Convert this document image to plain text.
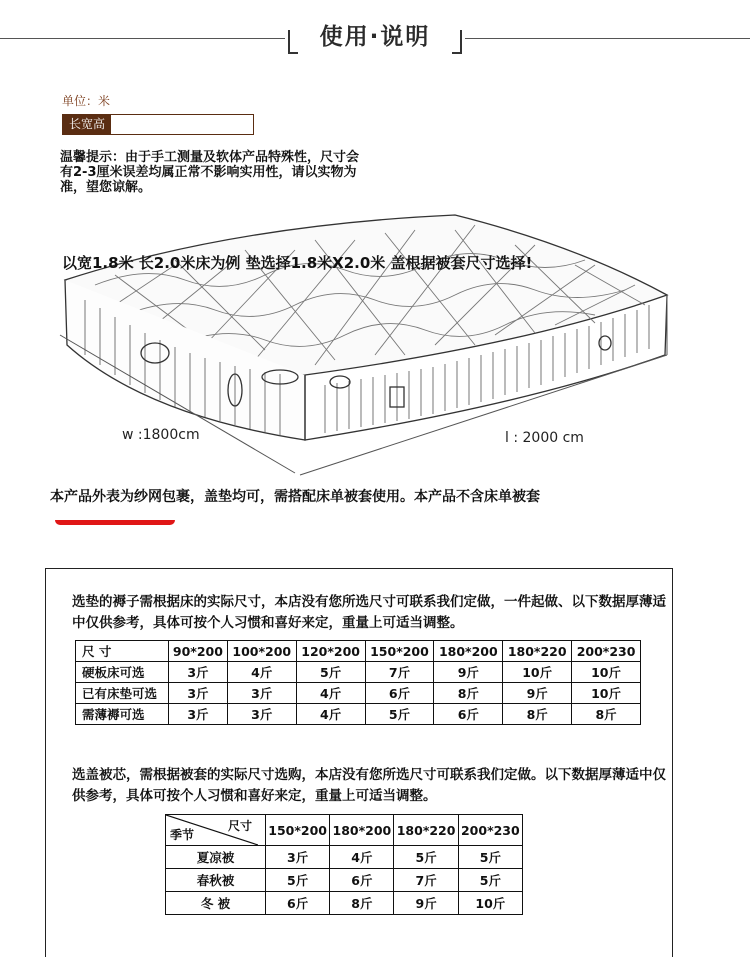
使用·说明
单位：米
长宽高
温馨提示：由于手工测量及软体产品特殊性，尺寸会有2-3厘米误差均属正常不影响实用性，请以实物为准，望您谅解。
以宽1.8米 长2.0米床为例 垫选择1.8米X2.0米 盖根据被套尺寸选择!
w :1800cm	l : 2000 cm
本产品外表为纱网包裹，盖垫均可，需搭配床单被套使用。本产品不含床单被套
选垫的褥子需根据床的实际尺寸，本店没有您所选尺寸可联系我们定做，一件起做、以下数据厚薄适中仅供参考，具体可按个人习惯和喜好来定，重量上可适当调整。
尺 寸	90*200	100*200	120*200	150*200	180*200	180*220	200*230
硬板床可选	3斤	4斤	5斤	7斤	9斤	10斤	10斤
已有床垫可选	3斤	3斤	4斤	6斤	8斤	9斤	10斤
需薄褥可选	3斤	3斤	4斤	5斤	6斤	8斤	8斤
选盖被芯，需根据被套的实际尺寸选购，本店没有您所选尺寸可联系我们定做。以下数据厚薄适中仅供参考，具体可按个人习惯和喜好来定，重量上可适当调整。
尺寸
季节	150*200	180*200	180*220	200*230
夏凉被	3斤	4斤	5斤	5斤
春秋被	5斤	6斤	7斤	5斤
冬 被	6斤	8斤	9斤	10斤
